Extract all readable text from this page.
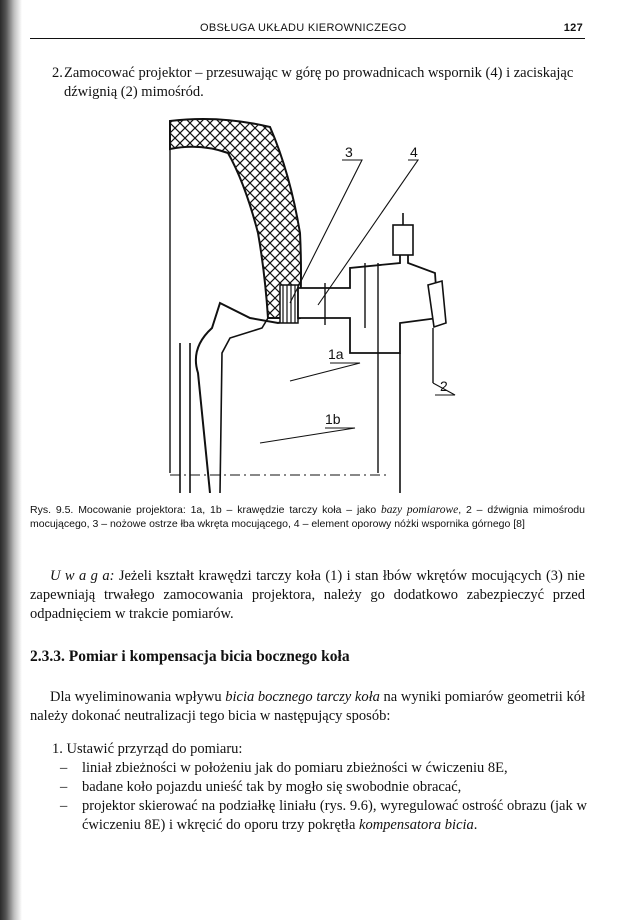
OBSŁUGA UKŁADU KIEROWNICZEGO	127
2. Zamocować projektor – przesuwając w górę po prowadnicach wspornik (4) i zaciskając dźwignią (2) mimośród.
3	4
1a
2
1b
Rys. 9.5. Mocowanie projektora: 1a, 1b – krawędzie tarczy koła – jako bazy pomiarowe, 2 – dźwignia mimośrodu mocującego, 3 – nożowe ostrze łba wkręta mocującego, 4 – element oporowy nóżki wspornika górnego [8]
U w a g a: Jeżeli kształt krawędzi tarczy koła (1) i stan łbów wkrętów mocujących (3) nie zapewniają trwałego zamocowania projektora, należy go dodatkowo zabezpieczyć przed odpadnięciem w trakcie pomiarów.
2.3.3. Pomiar i kompensacja bicia bocznego koła
Dla wyeliminowania wpływu bicia bocznego tarczy koła na wyniki pomiarów geometrii kół należy dokonać neutralizacji tego bicia w następujący sposób:
1. Ustawić przyrząd do pomiaru:
– liniał zbieżności w położeniu jak do pomiaru zbieżności w ćwiczeniu 8E,
– badane koło pojazdu unieść tak by mogło się swobodnie obracać,
– projektor skierować na podziałkę liniału (rys. 9.6), wyregulować ostrość obrazu (jak w ćwiczeniu 8E) i wkręcić do oporu trzy pokrętła kompensatora bicia.
